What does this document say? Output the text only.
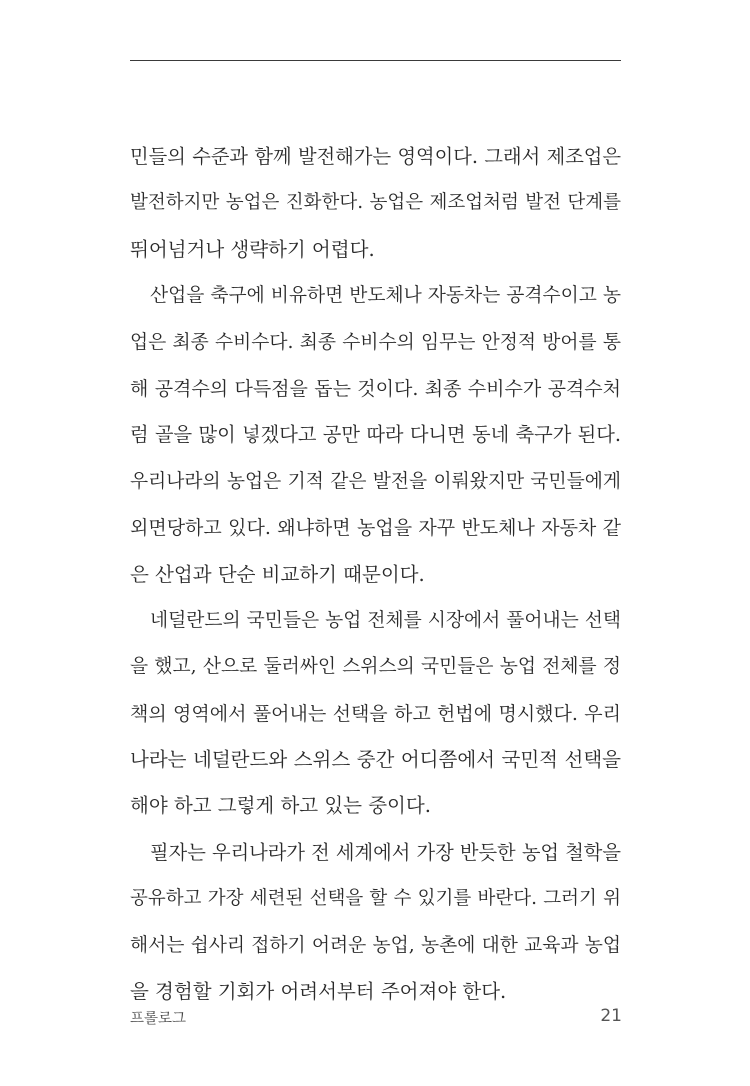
민들의 수준과 함께 발전해가는 영역이다. 그래서 제조업은
발전하지만 농업은 진화한다. 농업은 제조업처럼 발전 단계를
뛰어넘거나 생략하기 어렵다.
산업을 축구에 비유하면 반도체나 자동차는 공격수이고 농
업은 최종 수비수다. 최종 수비수의 임무는 안정적 방어를 통
해 공격수의 다득점을 돕는 것이다. 최종 수비수가 공격수처
럼 골을 많이 넣겠다고 공만 따라 다니면 동네 축구가 된다.
우리나라의 농업은 기적 같은 발전을 이뤄왔지만 국민들에게
외면당하고 있다. 왜냐하면 농업을 자꾸 반도체나 자동차 같
은 산업과 단순 비교하기 때문이다.
네덜란드의 국민들은 농업 전체를 시장에서 풀어내는 선택
을 했고, 산으로 둘러싸인 스위스의 국민들은 농업 전체를 정
책의 영역에서 풀어내는 선택을 하고 헌법에 명시했다. 우리
나라는 네덜란드와 스위스 중간 어디쯤에서 국민적 선택을
해야 하고 그렇게 하고 있는 중이다.
필자는 우리나라가 전 세계에서 가장 반듯한 농업 철학을
공유하고 가장 세련된 선택을 할 수 있기를 바란다. 그러기 위
해서는 쉽사리 접하기 어려운 농업, 농촌에 대한 교육과 농업
을 경험할 기회가 어려서부터 주어져야 한다.
프롤로그	21
